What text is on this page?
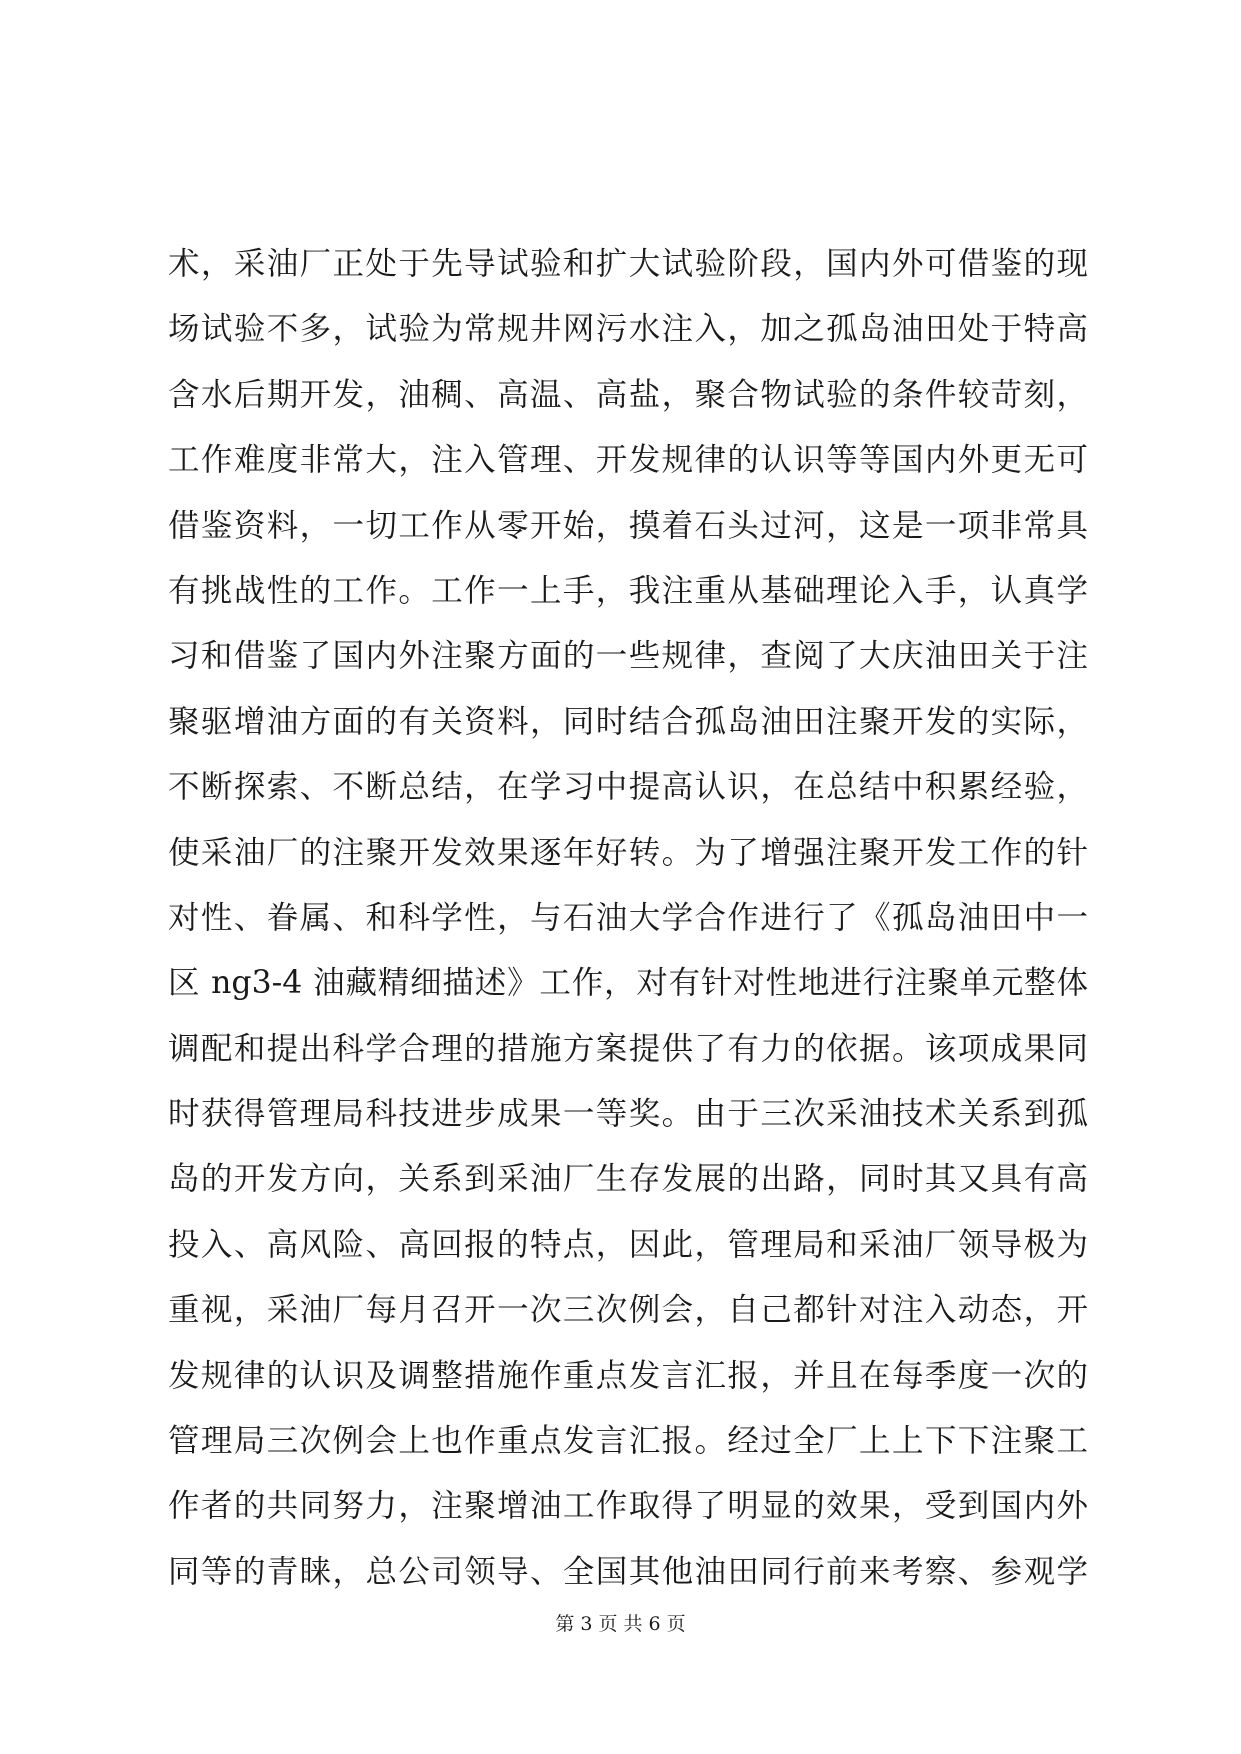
术，采油厂正处于先导试验和扩大试验阶段，国内外可借鉴的现
场试验不多，试验为常规井网污水注入，加之孤岛油田处于特高
含水后期开发，油稠、高温、高盐，聚合物试验的条件较苛刻，
工作难度非常大，注入管理、开发规律的认识等等国内外更无可
借鉴资料，一切工作从零开始，摸着石头过河，这是一项非常具
有挑战性的工作。工作一上手，我注重从基础理论入手，认真学
习和借鉴了国内外注聚方面的一些规律，查阅了大庆油田关于注
聚驱增油方面的有关资料，同时结合孤岛油田注聚开发的实际，
不断探索、不断总结，在学习中提高认识，在总结中积累经验，
使采油厂的注聚开发效果逐年好转。为了增强注聚开发工作的针
对性、眷属、和科学性，与石油大学合作进行了《孤岛油田中一
区 ng3-4 油藏精细描述》工作，对有针对性地进行注聚单元整体
调配和提出科学合理的措施方案提供了有力的依据。该项成果同
时获得管理局科技进步成果一等奖。由于三次采油技术关系到孤
岛的开发方向，关系到采油厂生存发展的出路，同时其又具有高
投入、高风险、高回报的特点，因此，管理局和采油厂领导极为
重视，采油厂每月召开一次三次例会，自己都针对注入动态，开
发规律的认识及调整措施作重点发言汇报，并且在每季度一次的
管理局三次例会上也作重点发言汇报。经过全厂上上下下注聚工
作者的共同努力，注聚增油工作取得了明显的效果，受到国内外
同等的青睐，总公司领导、全国其他油田同行前来考察、参观学
第 3 页 共 6 页
